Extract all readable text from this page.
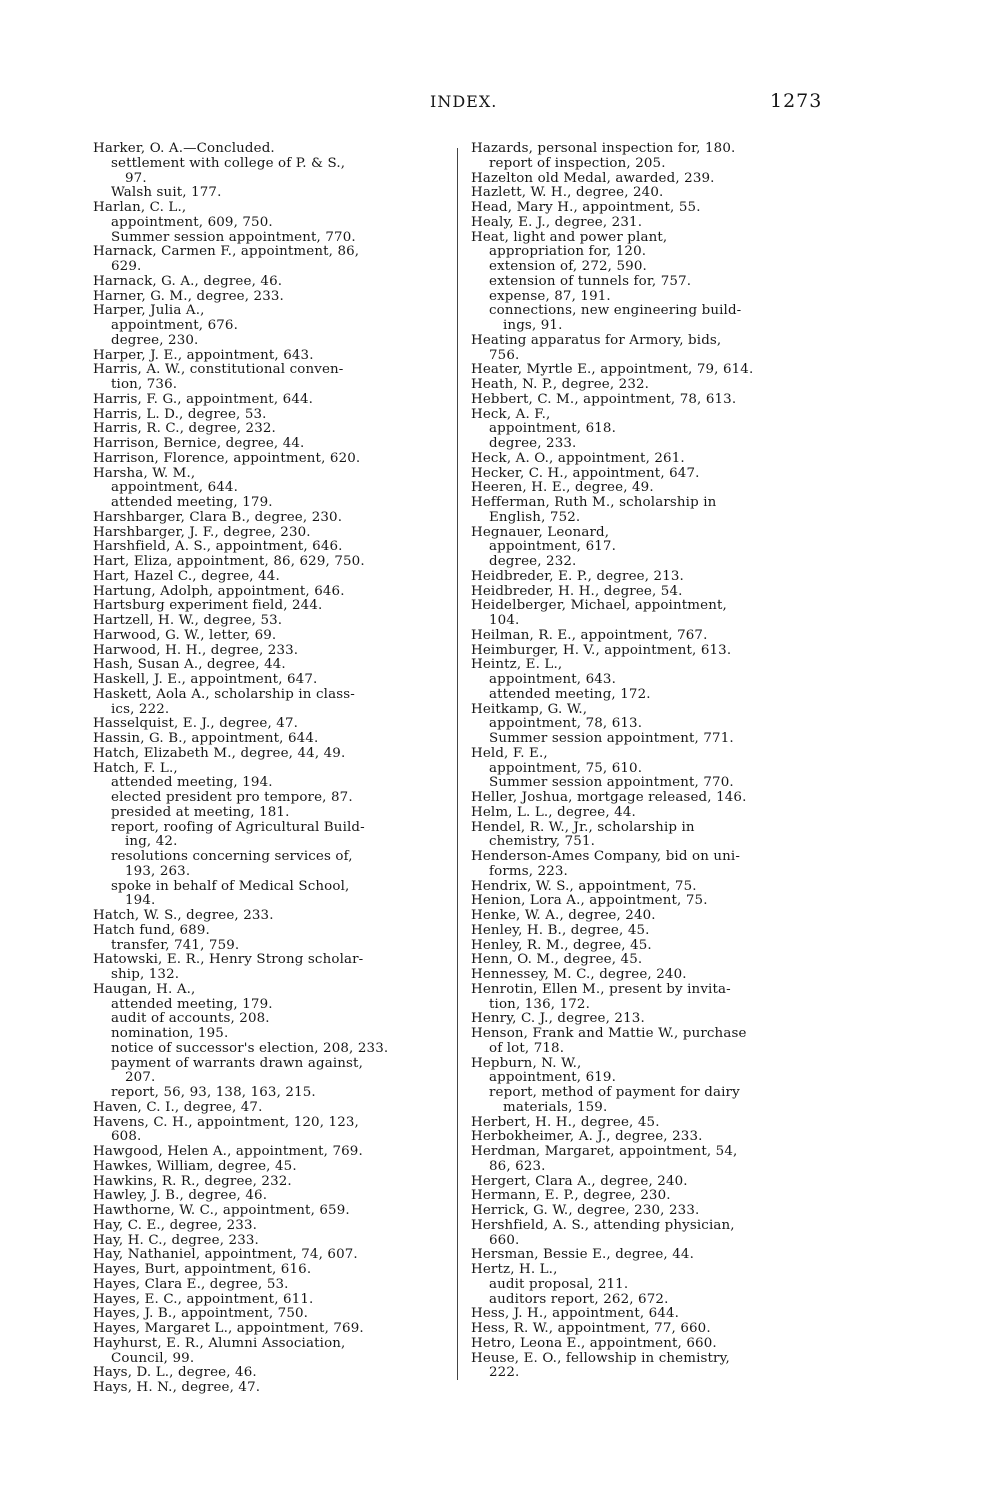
INDEX.	1273
Harker, O. A.—Concluded.
settlement with college of P. & S.,
97.
Walsh suit, 177.
Harlan, C. L.,
appointment, 609, 750.
Summer session appointment, 770.
Harnack, Carmen F., appointment, 86,
629.
Harnack, G. A., degree, 46.
Harner, G. M., degree, 233.
Harper, Julia A.,
appointment, 676.
degree, 230.
Harper, J. E., appointment, 643.
Harris, A. W., constitutional conven-
tion, 736.
Harris, F. G., appointment, 644.
Harris, L. D., degree, 53.
Harris, R. C., degree, 232.
Harrison, Bernice, degree, 44.
Harrison, Florence, appointment, 620.
Harsha, W. M.,
appointment, 644.
attended meeting, 179.
Harshbarger, Clara B., degree, 230.
Harshbarger, J. F., degree, 230.
Harshfield, A. S., appointment, 646.
Hart, Eliza, appointment, 86, 629, 750.
Hart, Hazel C., degree, 44.
Hartung, Adolph, appointment, 646.
Hartsburg experiment field, 244.
Hartzell, H. W., degree, 53.
Harwood, G. W., letter, 69.
Harwood, H. H., degree, 233.
Hash, Susan A., degree, 44.
Haskell, J. E., appointment, 647.
Haskett, Aola A., scholarship in class-
ics, 222.
Hasselquist, E. J., degree, 47.
Hassin, G. B., appointment, 644.
Hatch, Elizabeth M., degree, 44, 49.
Hatch, F. L.,
attended meeting, 194.
elected president pro tempore, 87.
presided at meeting, 181.
report, roofing of Agricultural Build-
ing, 42.
resolutions concerning services of,
193, 263.
spoke in behalf of Medical School,
194.
Hatch, W. S., degree, 233.
Hatch fund, 689.
transfer, 741, 759.
Hatowski, E. R., Henry Strong scholar-
ship, 132.
Haugan, H. A.,
attended meeting, 179.
audit of accounts, 208.
nomination, 195.
notice of successor's election, 208, 233.
payment of warrants drawn against,
207.
report, 56, 93, 138, 163, 215.
Haven, C. I., degree, 47.
Havens, C. H., appointment, 120, 123,
608.
Hawgood, Helen A., appointment, 769.
Hawkes, William, degree, 45.
Hawkins, R. R., degree, 232.
Hawley, J. B., degree, 46.
Hawthorne, W. C., appointment, 659.
Hay, C. E., degree, 233.
Hay, H. C., degree, 233.
Hay, Nathaniel, appointment, 74, 607.
Hayes, Burt, appointment, 616.
Hayes, Clara E., degree, 53.
Hayes, E. C., appointment, 611.
Hayes, J. B., appointment, 750.
Hayes, Margaret L., appointment, 769.
Hayhurst, E. R., Alumni Association,
Council, 99.
Hays, D. L., degree, 46.
Hays, H. N., degree, 47.
Hazards, personal inspection for, 180.
report of inspection, 205.
Hazelton old Medal, awarded, 239.
Hazlett, W. H., degree, 240.
Head, Mary H., appointment, 55.
Healy, E. J., degree, 231.
Heat, light and power plant,
appropriation for, 120.
extension of, 272, 590.
extension of tunnels for, 757.
expense, 87, 191.
connections, new engineering build-
ings, 91.
Heating apparatus for Armory, bids,
756.
Heater, Myrtle E., appointment, 79, 614.
Heath, N. P., degree, 232.
Hebbert, C. M., appointment, 78, 613.
Heck, A. F.,
appointment, 618.
degree, 233.
Heck, A. O., appointment, 261.
Hecker, C. H., appointment, 647.
Heeren, H. E., degree, 49.
Hefferman, Ruth M., scholarship in
English, 752.
Hegnauer, Leonard,
appointment, 617.
degree, 232.
Heidbreder, E. P., degree, 213.
Heidbreder, H. H., degree, 54.
Heidelberger, Michael, appointment,
104.
Heilman, R. E., appointment, 767.
Heimburger, H. V., appointment, 613.
Heintz, E. L.,
appointment, 643.
attended meeting, 172.
Heitkamp, G. W.,
appointment, 78, 613.
Summer session appointment, 771.
Held, F. E.,
appointment, 75, 610.
Summer session appointment, 770.
Heller, Joshua, mortgage released, 146.
Helm, L. L., degree, 44.
Hendel, R. W., Jr., scholarship in
chemistry, 751.
Henderson-Ames Company, bid on uni-
forms, 223.
Hendrix, W. S., appointment, 75.
Henion, Lora A., appointment, 75.
Henke, W. A., degree, 240.
Henley, H. B., degree, 45.
Henley, R. M., degree, 45.
Henn, O. M., degree, 45.
Hennessey, M. C., degree, 240.
Henrotin, Ellen M., present by invita-
tion, 136, 172.
Henry, C. J., degree, 213.
Henson, Frank and Mattie W., purchase
of lot, 718.
Hepburn, N. W.,
appointment, 619.
report, method of payment for dairy
materials, 159.
Herbert, H. H., degree, 45.
Herbokheimer, A. J., degree, 233.
Herdman, Margaret, appointment, 54,
86, 623.
Hergert, Clara A., degree, 240.
Hermann, E. P., degree, 230.
Herrick, G. W., degree, 230, 233.
Hershfield, A. S., attending physician,
660.
Hersman, Bessie E., degree, 44.
Hertz, H. L.,
audit proposal, 211.
auditors report, 262, 672.
Hess, J. H., appointment, 644.
Hess, R. W., appointment, 77, 660.
Hetro, Leona E., appointment, 660.
Heuse, E. O., fellowship in chemistry,
222.
